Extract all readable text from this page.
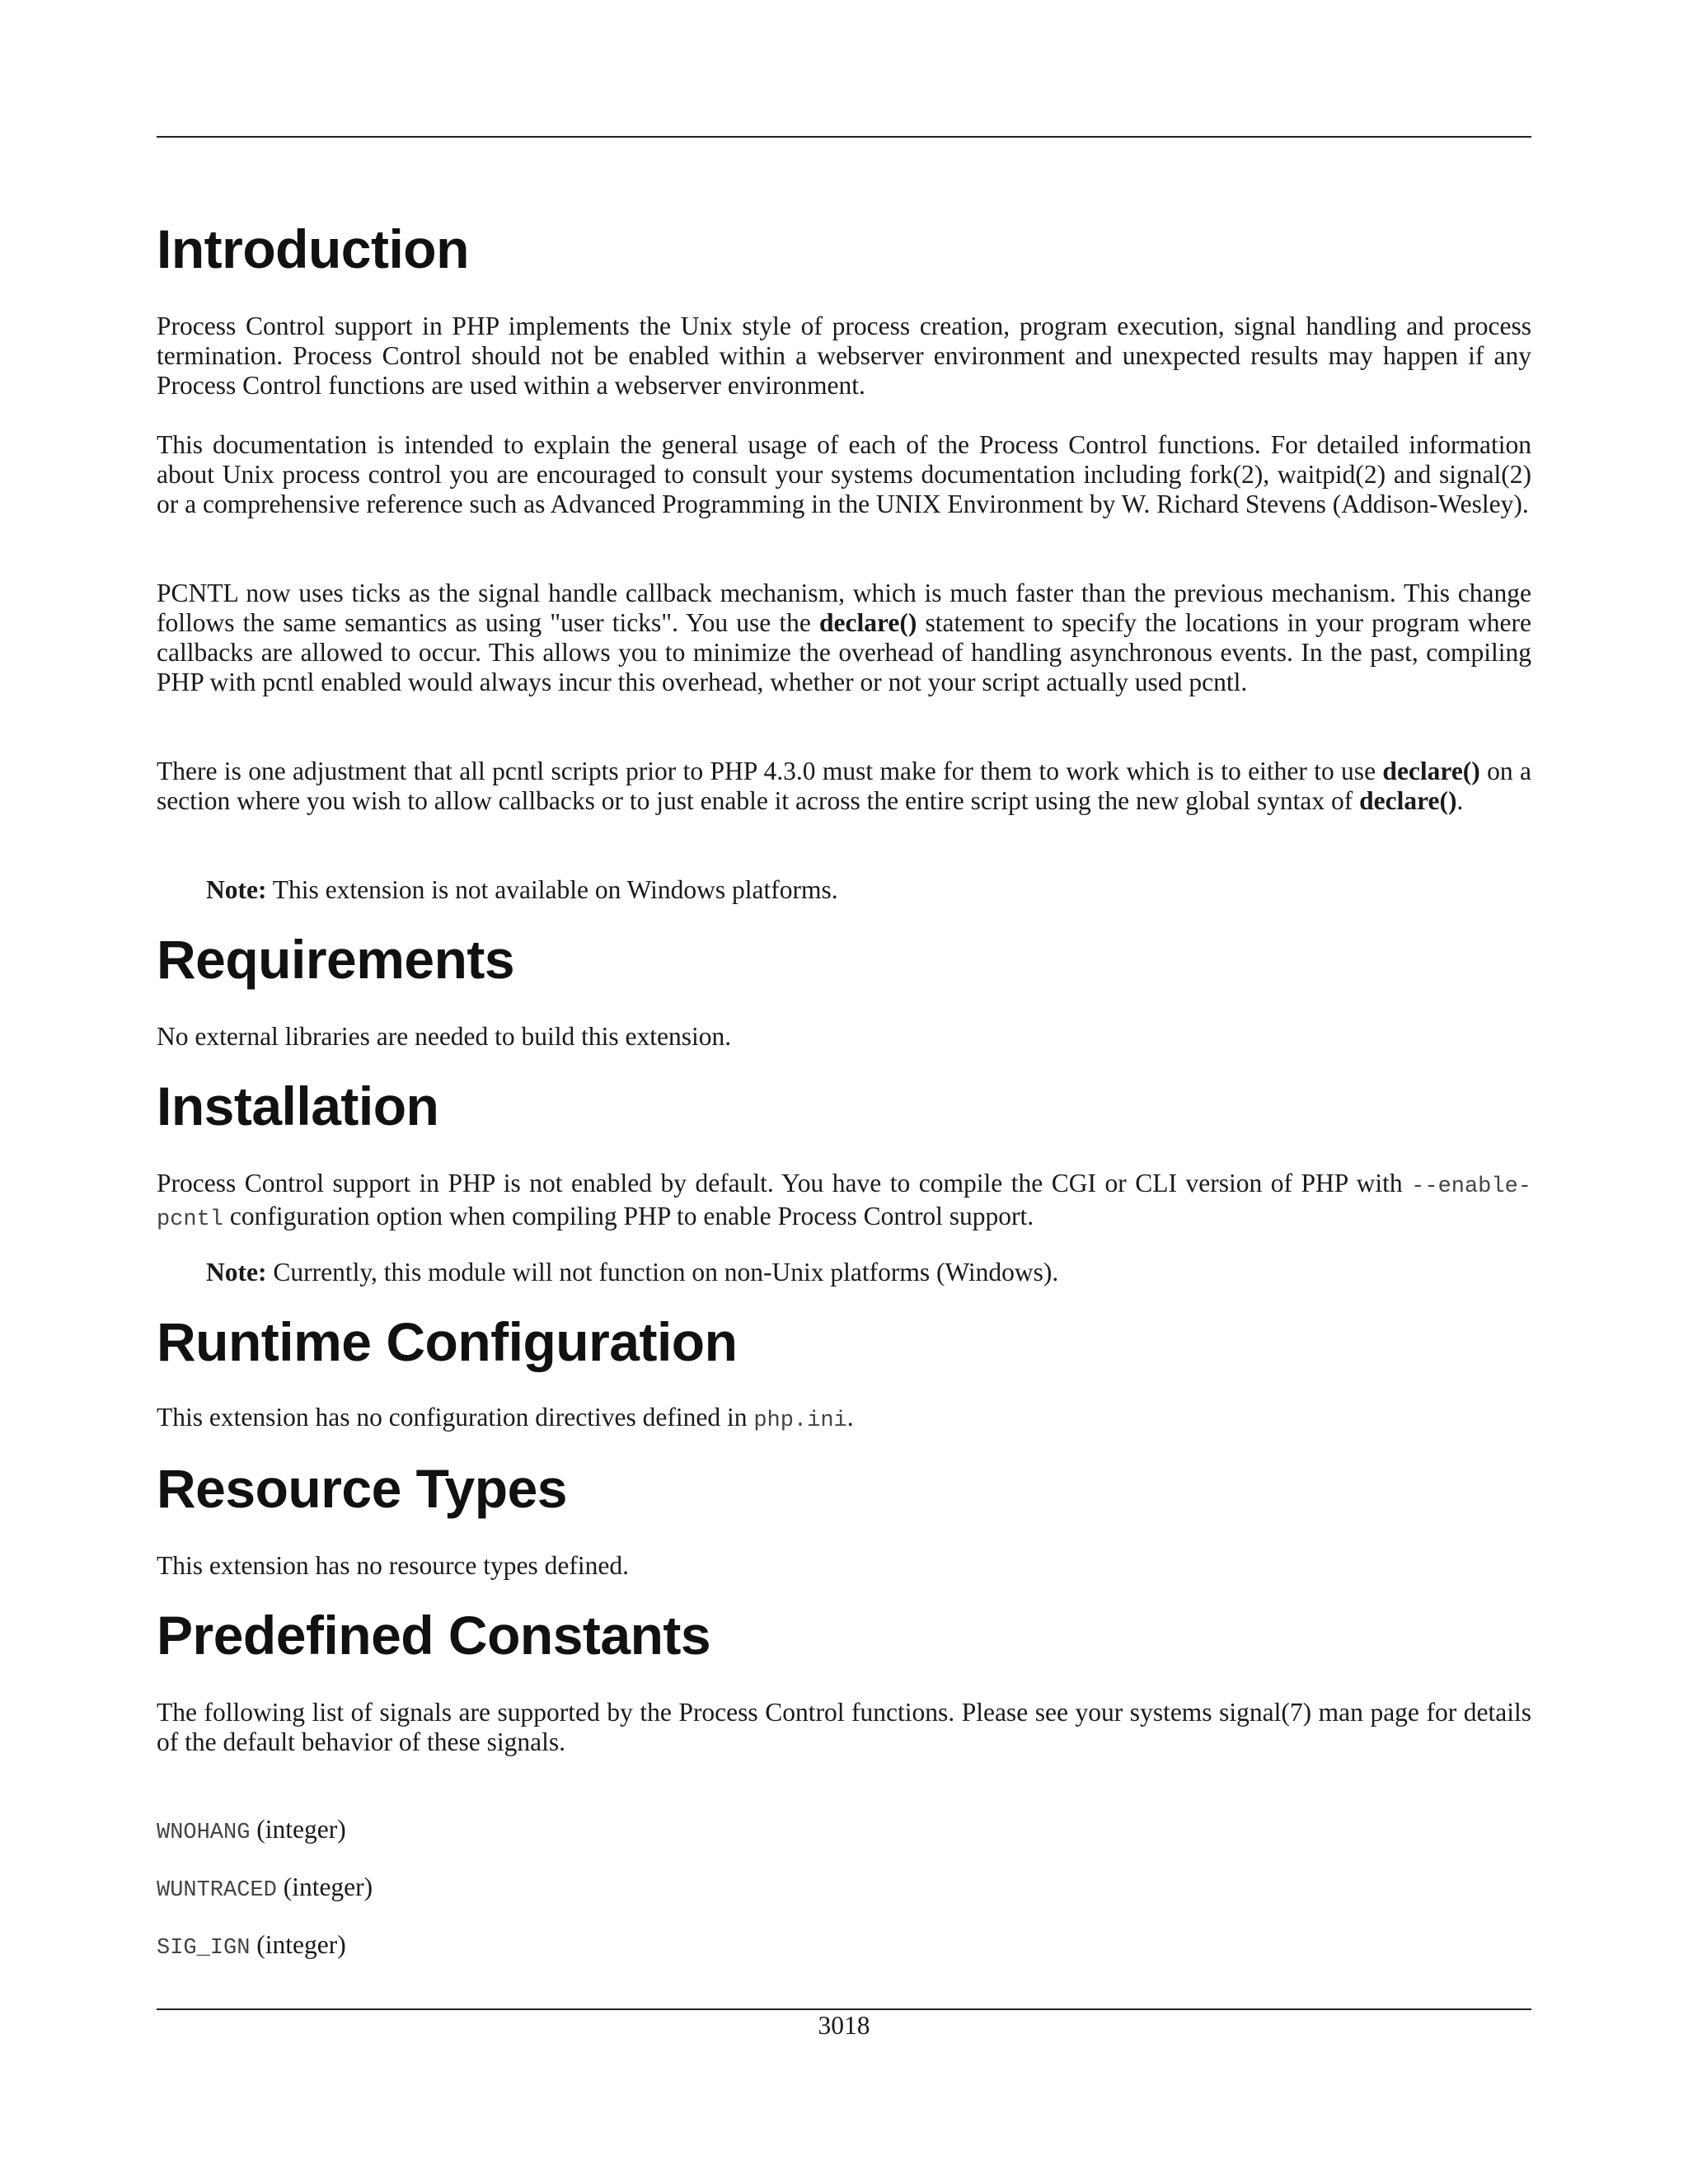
Introduction

Process Control support in PHP implements the Unix style of process creation, program execution, signal handling and process termination. Process Control should not be enabled within a webserver environment and unexpected results may happen if any Process Control functions are used within a webserver environment.

This documentation is intended to explain the general usage of each of the Process Control functions. For detailed information about Unix process control you are encouraged to consult your systems documentation including fork(2), waitpid(2) and signal(2) or a comprehensive reference such as Advanced Programming in the UNIX Environment by W. Richard Stevens (Addison-Wesley).

PCNTL now uses ticks as the signal handle callback mechanism, which is much faster than the previous mechanism. This change follows the same semantics as using "user ticks". You use the declare() statement to specify the locations in your program where callbacks are allowed to occur. This allows you to minimize the overhead of handling asynchronous events. In the past, compiling PHP with pcntl enabled would always incur this overhead, whether or not your script actually used pcntl.

There is one adjustment that all pcntl scripts prior to PHP 4.3.0 must make for them to work which is to either to use declare() on a section where you wish to allow callbacks or to just enable it across the entire script using the new global syntax of declare().

Note: This extension is not available on Windows platforms.
Requirements

No external libraries are needed to build this extension.

Installation

Process Control support in PHP is not enabled by default. You have to compile the CGI or CLI version of PHP with --enable-pcntl configuration option when compiling PHP to enable Process Control support.

Note: Currently, this module will not function on non-Unix platforms (Windows).
Runtime Configuration

This extension has no configuration directives defined in php.ini.

Resource Types

This extension has no resource types defined.

Predefined Constants

The following list of signals are supported by the Process Control functions. Please see your systems signal(7) man page for details of the default behavior of these signals.

WNOHANG (integer)
WUNTRACED (integer)
SIG_IGN (integer)
3018
